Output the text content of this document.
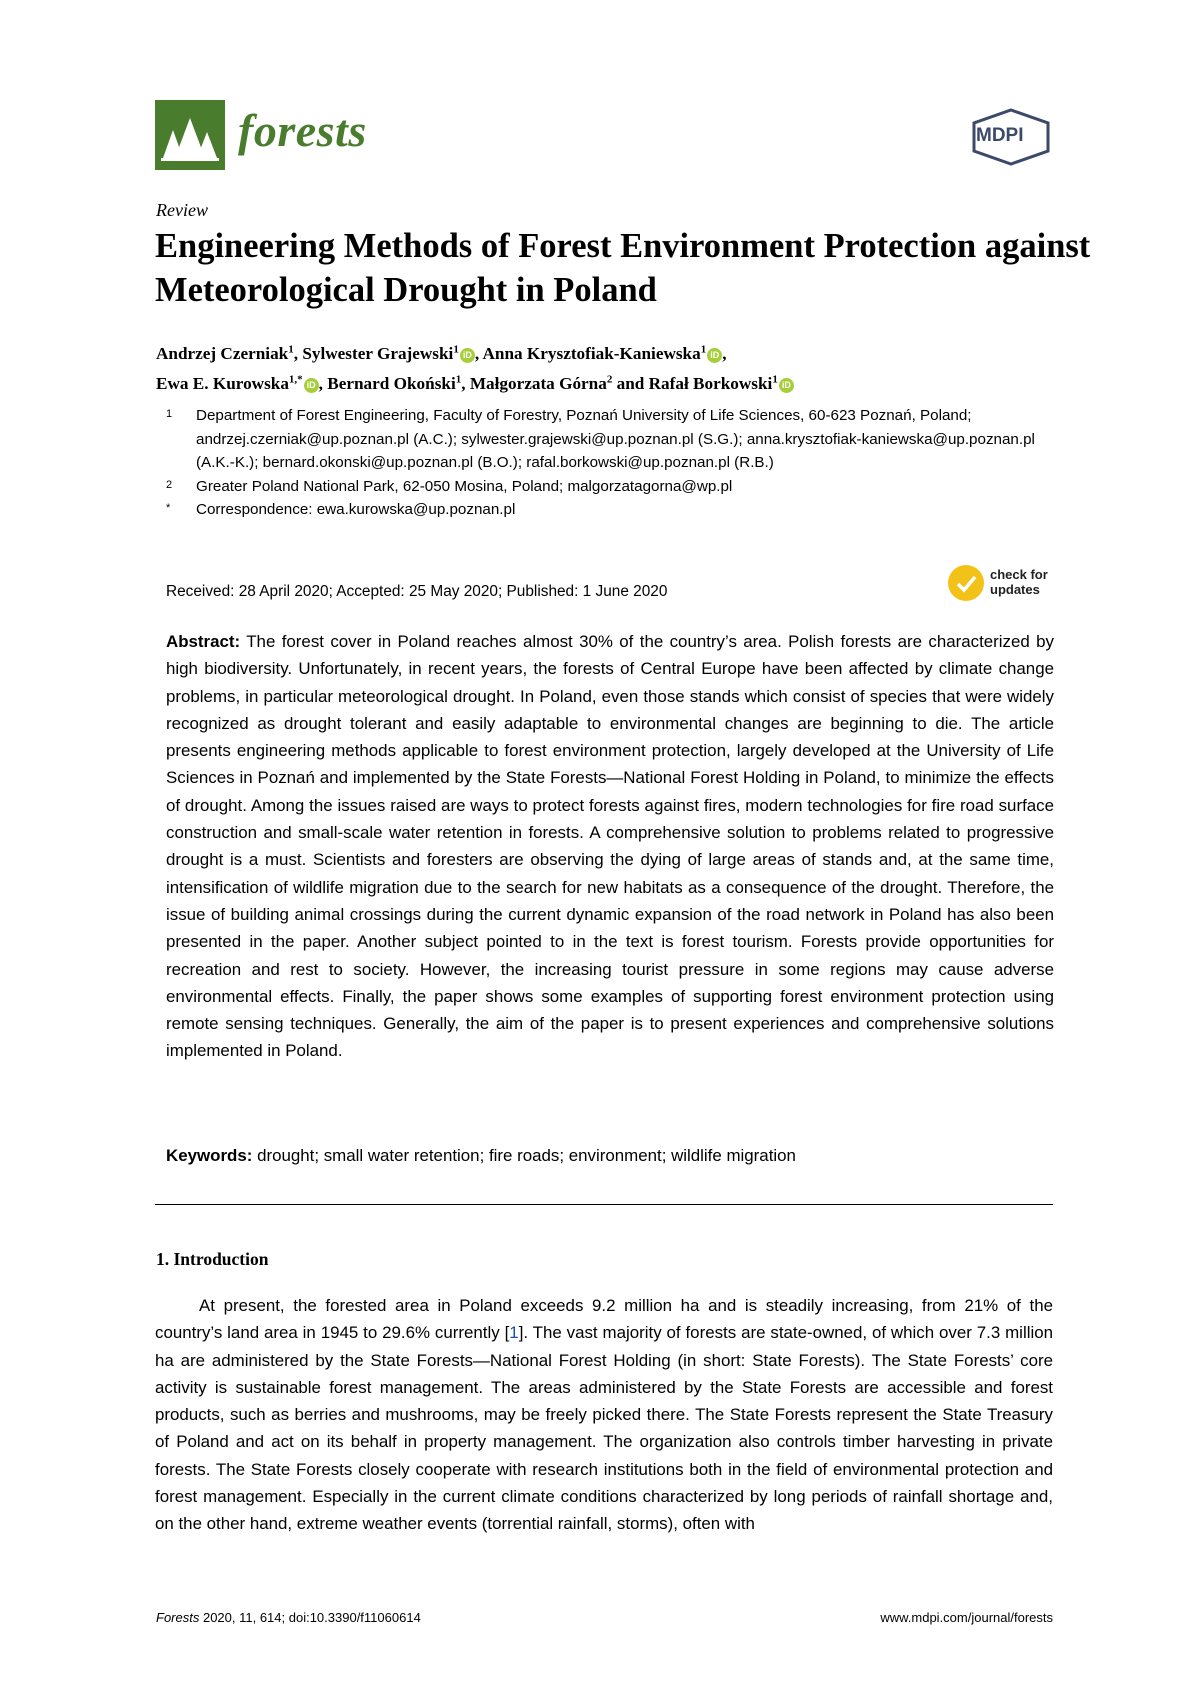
forests	MDPI
Review
Engineering Methods of Forest Environment Protection against Meteorological Drought in Poland
Andrzej Czerniak$^1$, Sylwester Grajewski$^1$ iD , Anna Krysztofiak-Kaniewska$^1$ iD ,
Ewa E. Kurowska$^{1,*}$ iD , Bernard Okoński$^1$, Małgorzata Górna$^2$ and Rafał Borkowski$^1$ iD
1 Department of Forest Engineering, Faculty of Forestry, Poznań University of Life Sciences, 60-623 Poznań, Poland; andrzej.czerniak@up.poznan.pl (A.C.); sylwester.grajewski@up.poznan.pl (S.G.); anna.krysztofiak-kaniewska@up.poznan.pl (A.K.-K.); bernard.okonski@up.poznan.pl (B.O.); rafal.borkowski@up.poznan.pl (R.B.)
2 Greater Poland National Park, 62-050 Mosina, Poland; malgorzatagorna@wp.pl
* Correspondence: ewa.kurowska@up.poznan.pl
Received: 28 April 2020; Accepted: 25 May 2020; Published: 1 June 2020
check for
updates
Abstract: The forest cover in Poland reaches almost 30% of the country’s area. Polish forests are characterized by high biodiversity. Unfortunately, in recent years, the forests of Central Europe have been affected by climate change problems, in particular meteorological drought. In Poland, even those stands which consist of species that were widely recognized as drought tolerant and easily adaptable to environmental changes are beginning to die. The article presents engineering methods applicable to forest environment protection, largely developed at the University of Life Sciences in Poznań and implemented by the State Forests—National Forest Holding in Poland, to minimize the effects of drought. Among the issues raised are ways to protect forests against fires, modern technologies for fire road surface construction and small-scale water retention in forests. A comprehensive solution to problems related to progressive drought is a must. Scientists and foresters are observing the dying of large areas of stands and, at the same time, intensification of wildlife migration due to the search for new habitats as a consequence of the drought. Therefore, the issue of building animal crossings during the current dynamic expansion of the road network in Poland has also been presented in the paper. Another subject pointed to in the text is forest tourism. Forests provide opportunities for recreation and rest to society. However, the increasing tourist pressure in some regions may cause adverse environmental effects. Finally, the paper shows some examples of supporting forest environment protection using remote sensing techniques. Generally, the aim of the paper is to present experiences and comprehensive solutions implemented in Poland.
Keywords: drought; small water retention; fire roads; environment; wildlife migration
1. Introduction
At present, the forested area in Poland exceeds 9.2 million ha and is steadily increasing, from 21% of the country’s land area in 1945 to 29.6% currently [1]. The vast majority of forests are state-owned, of which over 7.3 million ha are administered by the State Forests—National Forest Holding (in short: State Forests). The State Forests’ core activity is sustainable forest management. The areas administered by the State Forests are accessible and forest products, such as berries and mushrooms, may be freely picked there. The State Forests represent the State Treasury of Poland and act on its behalf in property management. The organization also controls timber harvesting in private forests. The State Forests closely cooperate with research institutions both in the field of environmental protection and forest management. Especially in the current climate conditions characterized by long periods of rainfall shortage and, on the other hand, extreme weather events (torrential rainfall, storms), often with
Forests 2020, 11, 614; doi:10.3390/f11060614	www.mdpi.com/journal/forests
